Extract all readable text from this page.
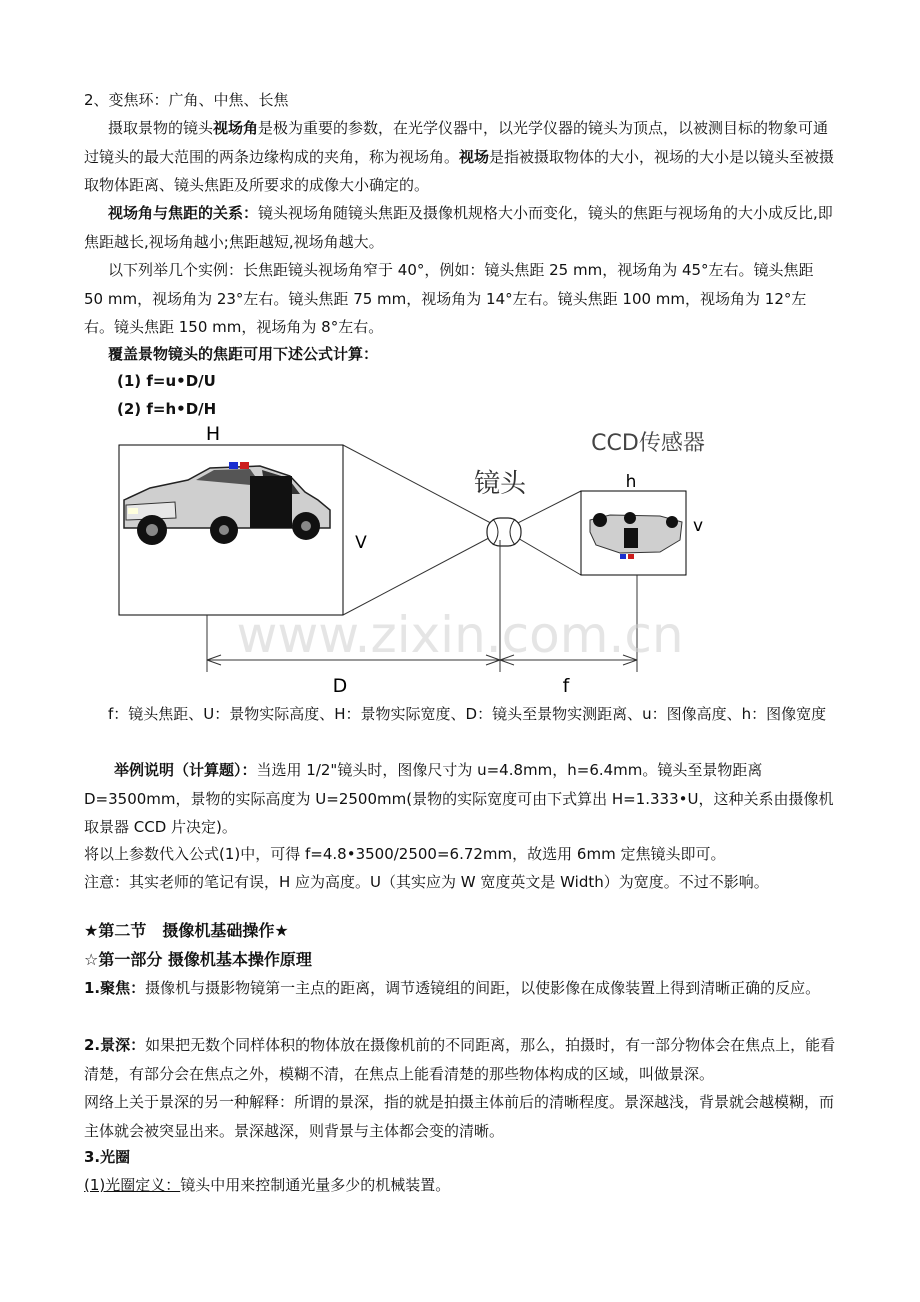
2、变焦环：广角、中焦、长焦

摄取景物的镜头视场角是极为重要的参数，在光学仪器中，以光学仪器的镜头为顶点，以被测目标的物象可通过镜头的最大范围的两条边缘构成的夹角，称为视场角。视场是指被摄取物体的大小，视场的大小是以镜头至被摄取物体距离、镜头焦距及所要求的成像大小确定的。

视场角与焦距的关系：镜头视场角随镜头焦距及摄像机规格大小而变化，镜头的焦距与视场角的大小成反比,即焦距越长,视场角越小;焦距越短,视场角越大。

以下列举几个实例：长焦距镜头视场角窄于 40°，例如：镜头焦距 25 mm，视场角为 45°左右。镜头焦距 50 mm，视场角为 23°左右。镜头焦距 75 mm，视场角为 14°左右。镜头焦距 100 mm，视场角为 12°左右。镜头焦距 150 mm，视场角为 8°左右。

覆盖景物镜头的焦距可用下述公式计算：

(1) f=u•D/U
(2) f=h•D/H
H
V
镜头
CCD传感器
h
v
D	f
www.zixin.com.cn

f：镜头焦距、U：景物实际高度、H：景物实际宽度、D：镜头至景物实测距离、u：图像高度、h：图像宽度

举例说明（计算题）：当选用 1/2"镜头时，图像尺寸为 u=4.8mm，h=6.4mm。镜头至景物距离 D=3500mm，景物的实际高度为 U=2500mm(景物的实际宽度可由下式算出 H=1.333•U，这种关系由摄像机取景器 CCD 片决定)。

将以上参数代入公式(1)中，可得 f=4.8•3500/2500=6.72mm，故选用 6mm 定焦镜头即可。

注意：其实老师的笔记有误，H 应为高度。U（其实应为 W 宽度英文是 Width）为宽度。不过不影响。

★第二节　摄像机基础操作★
☆第一部分 摄像机基本操作原理

1.聚焦：摄像机与摄影物镜第一主点的距离，调节透镜组的间距，以使影像在成像装置上得到清晰正确的反应。

2.景深：如果把无数个同样体积的物体放在摄像机前的不同距离，那么，拍摄时，有一部分物体会在焦点上，能看清楚，有部分会在焦点之外，模糊不清，在焦点上能看清楚的那些物体构成的区域，叫做景深。

网络上关于景深的另一种解释：所谓的景深，指的就是拍摄主体前后的清晰程度。景深越浅，背景就会越模糊，而主体就会被突显出来。景深越深，则背景与主体都会变的清晰。

3.光圈

(1)光圈定义：镜头中用来控制通光量多少的机械装置。
